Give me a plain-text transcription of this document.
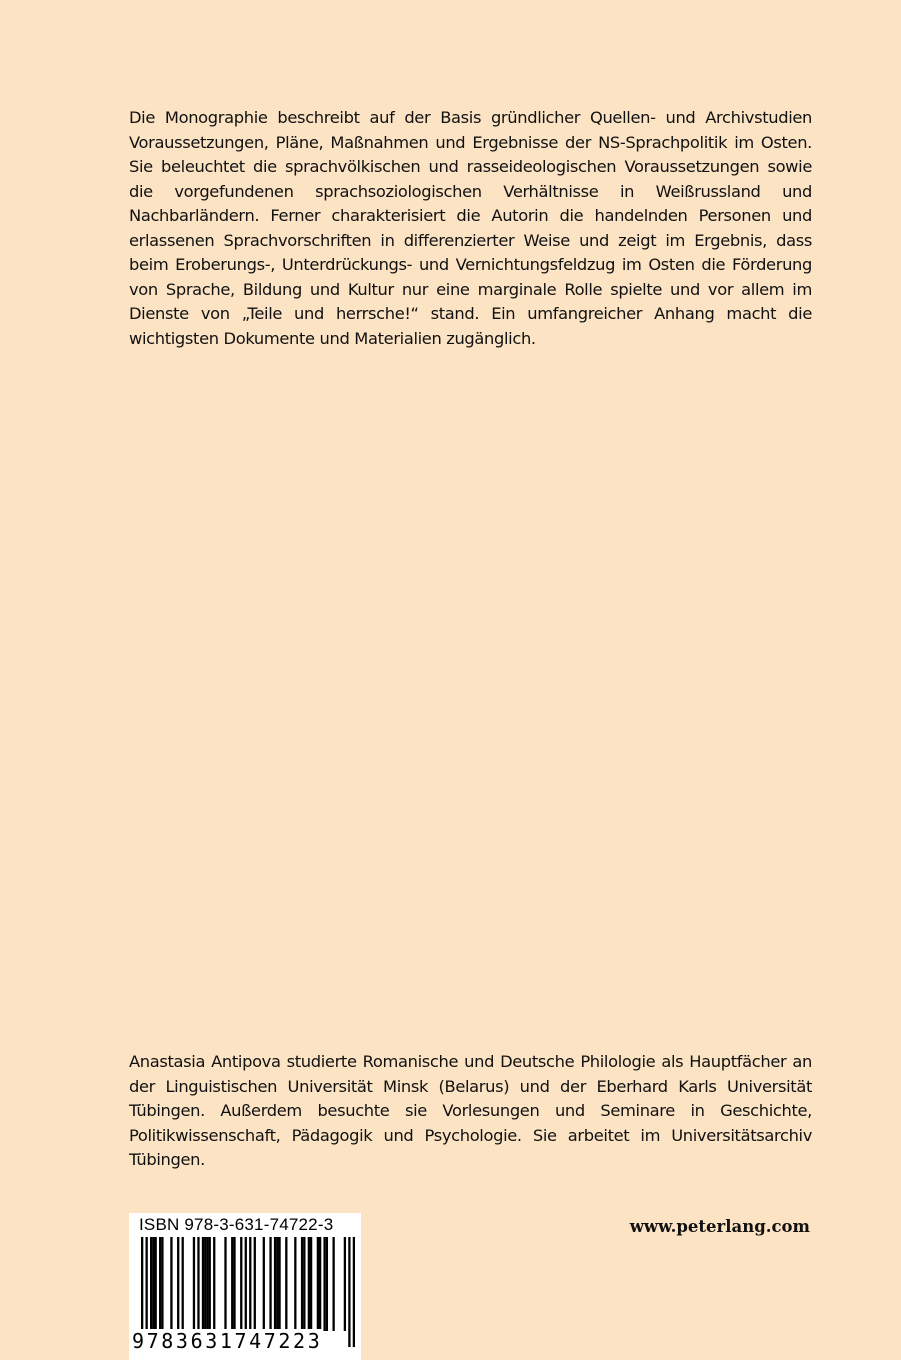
Die Monographie beschreibt auf der Basis gründlicher Quellen- und Archivstudien Voraussetzungen, Pläne, Maßnahmen und Ergebnisse der NS-Sprachpolitik im Osten. Sie beleuchtet die sprachvölkischen und rasseideologischen Voraussetzungen sowie die vorgefundenen sprachsoziologischen Verhältnisse in Weißrussland und Nachbarländern. Ferner charakterisiert die Autorin die handelnden Personen und erlassenen Sprachvorschriften in differenzierter Weise und zeigt im Ergebnis, dass beim Eroberungs-, Unterdrückungs- und Vernichtungsfeldzug im Osten die Förderung von Sprache, Bildung und Kultur nur eine marginale Rolle spielte und vor allem im Dienste von „Teile und herrsche!“ stand. Ein umfangreicher Anhang macht die wichtigsten Dokumente und Materialien zugänglich.

Anastasia Antipova studierte Romanische und Deutsche Philologie als Hauptfächer an der Linguistischen Universität Minsk (Belarus) und der Eberhard Karls Universität Tübingen. Außerdem besuchte sie Vorlesungen und Seminare in Geschichte, Politikwissenschaft, Pädagogik und Psychologie. Sie arbeitet im Universitätsarchiv Tübingen.

ISBN 978-3-631-74722-3
9783631747223
www.peterlang.com
